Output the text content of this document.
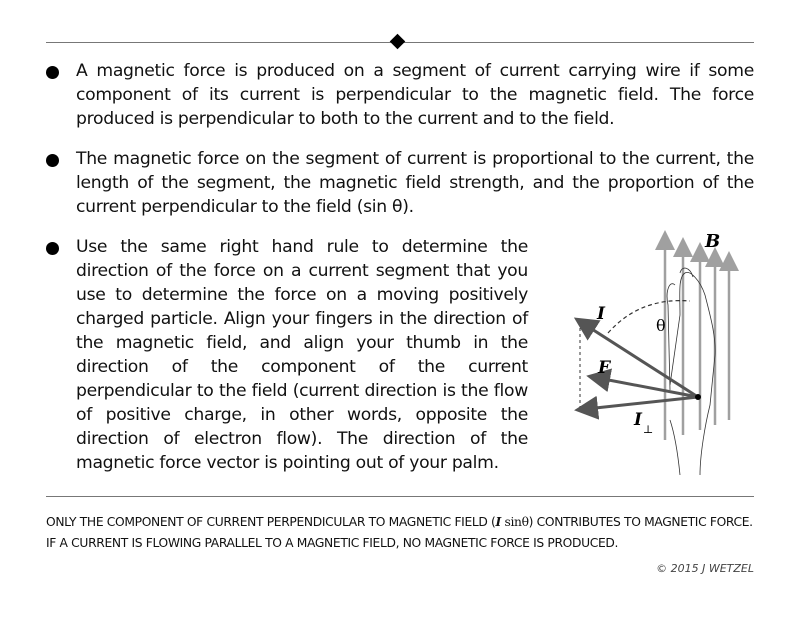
A magnetic force is produced on a segment of current carrying wire if some component of its current is perpendicular to the magnetic field. The force produced is perpendicular to both to the current and to the field.
The magnetic force on the segment of current is proportional to the current, the length of the segment, the magnetic field strength, and the proportion of the current perpendicular to the field (sin θ).
Use the same right hand rule to determine the direction of the force on a current segment that you use to determine the force on a moving positively charged particle. Align your fingers in the direction of the magnetic field, and align your thumb in the direction of the component of the current perpendicular to the field (current direction is the flow of positive charge, in other words, opposite the direction of electron flow). The direction of the magnetic force vector is pointing out of your palm.
B
I
F
I ⊥
θ
ONLY THE COMPONENT OF CURRENT PERPENDICULAR TO MAGNETIC FIELD (I sinθ) CONTRIBUTES TO MAGNETIC FORCE. IF A CURRENT IS FLOWING PARALLEL TO A MAGNETIC FIELD, NO MAGNETIC FORCE IS PRODUCED.
© 2015 J WETZEL
